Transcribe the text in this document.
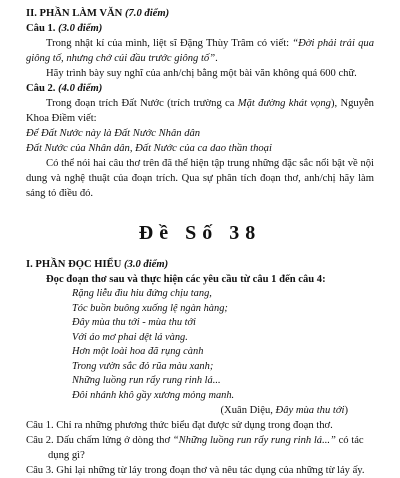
II. PHẦN LÀM VĂN (7.0 điểm)

Câu 1. (3.0 điểm)

Trong nhật kí của mình, liệt sĩ Đặng Thùy Trâm có viết: “Đời phải trải qua giông tố, nhưng chớ cúi đầu trước giông tố”.

Hãy trình bày suy nghĩ của anh/chị bằng một bài văn không quá 600 chữ.

Câu 2. (4.0 điểm)

Trong đoạn trích Đất Nước (trích trường ca Mặt đường khát vọng), Nguyễn Khoa Điềm viết:

Để Đất Nước này là Đất Nước Nhân dân

Đất Nước của Nhân dân, Đất Nước của ca dao thần thoại

Có thể nói hai câu thơ trên đã thể hiện tập trung những đặc sắc nổi bật về nội dung và nghệ thuật của đoạn trích. Qua sự phân tích đoạn thơ, anh/chị hãy làm sáng tỏ điều đó.

Đề Số 38

I. PHẦN ĐỌC HIỂU (3.0 điểm)

Đọc đoạn thơ sau và thực hiện các yêu cầu từ câu 1 đến câu 4:

Rặng liễu đìu hiu đứng chịu tang,

Tóc buồn buông xuống lệ ngàn hàng;

Đây mùa thu tới - mùa thu tới

Với áo mơ phai dệt lá vàng.

Hơn một loài hoa đã rụng cành

Trong vườn sắc đỏ rũa màu xanh;

Những luồng run rẩy rung rinh lá...

Đôi nhánh khô gầy xương mỏng manh.

(Xuân Diệu, Đây mùa thu tới)

Câu 1. Chỉ ra những phương thức biểu đạt được sử dụng trong đoạn thơ.

Câu 2. Dấu chấm lửng ở dòng thơ “Những luồng run rẩy rung rinh lá...” có tác

dụng gì?

Câu 3. Ghi lại những từ láy trong đoạn thơ và nêu tác dụng của những từ láy ấy.
